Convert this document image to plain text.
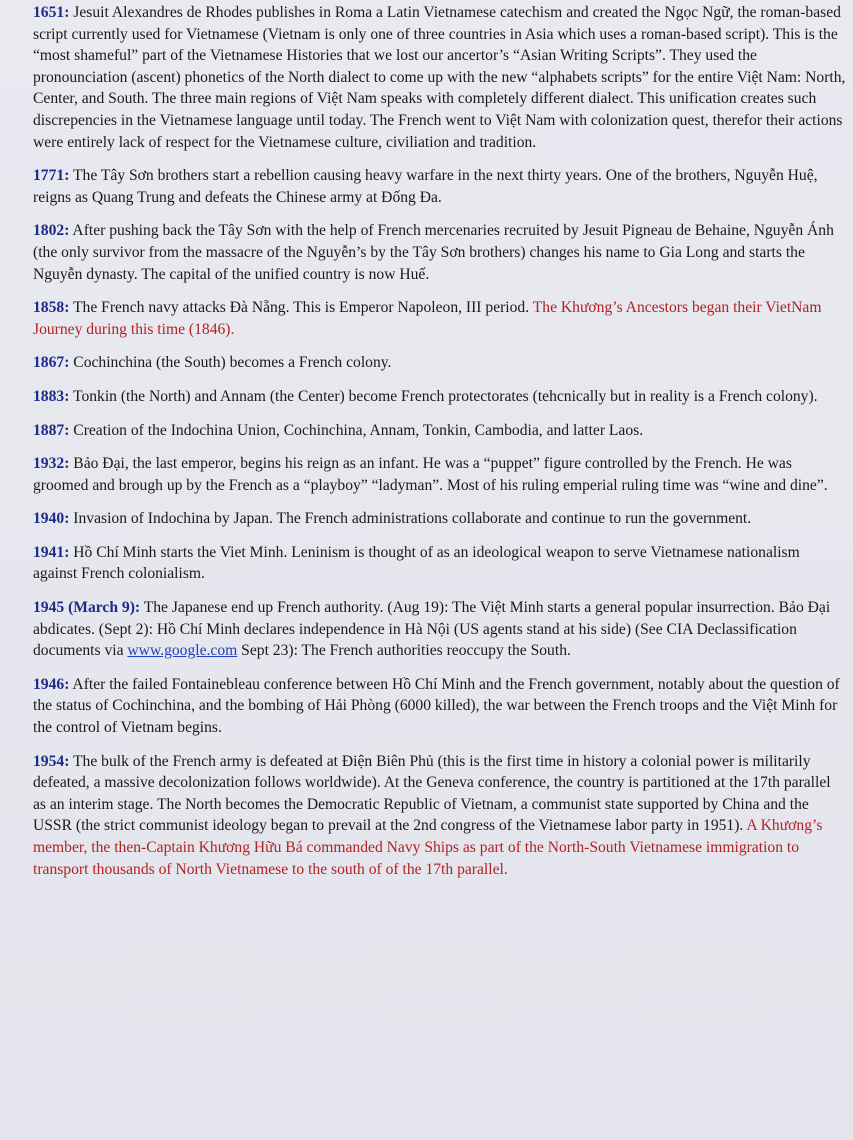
1651: Jesuit Alexandres de Rhodes publishes in Roma a Latin Vietnamese catechism and created the Ngọc Ngữ, the roman-based script currently used for Vietnamese (Vietnam is only one of three countries in Asia which uses a roman-based script). This is the “most shameful” part of the Vietnamese Histories that we lost our ancertor’s “Asian Writing Scripts”. They used the pronounciation (ascent) phonetics of the North dialect to come up with the new “alphabets scripts” for the entire Việt Nam: North, Center, and South. The three main regions of Việt Nam speaks with completely different dialect. This unification creates such discrepencies in the Vietnamese language until today. The French went to Việt Nam with colonization quest, therefor their actions were entirely lack of respect for the Vietnamese culture, civiliation and tradition.

1771: The Tây Sơn brothers start a rebellion causing heavy warfare in the next thirty years. One of the brothers, Nguyễn Huệ, reigns as Quang Trung and defeats the Chinese army at Đống Đa.

1802: After pushing back the Tây Sơn with the help of French mercenaries recruited by Jesuit Pigneau de Behaine, Nguyễn Ánh (the only survivor from the massacre of the Nguyễn’s by the Tây Sơn brothers) changes his name to Gia Long and starts the Nguyễn dynasty. The capital of the unified country is now Huế.

1858: The French navy attacks Đà Nẵng. This is Emperor Napoleon, III period. The Khương’s Ancestors began their VietNam Journey during this time (1846).

1867: Cochinchina (the South) becomes a French colony.

1883: Tonkin (the North) and Annam (the Center) become French protectorates (tehcnically but in reality is a French colony).

1887: Creation of the Indochina Union, Cochinchina, Annam, Tonkin, Cambodia, and latter Laos.

1932: Bảo Đại, the last emperor, begins his reign as an infant. He was a “puppet” figure controlled by the French. He was groomed and brough up by the French as a “playboy” “ladyman”. Most of his ruling emperial ruling time was “wine and dine”.

1940: Invasion of Indochina by Japan. The French administrations collaborate and continue to run the government.

1941: Hồ Chí Minh starts the Viet Minh. Leninism is thought of as an ideological weapon to serve Vietnamese nationalism against French colonialism.

1945 (March 9): The Japanese end up French authority. (Aug 19): The Việt Minh starts a general popular insurrection. Bảo Đại abdicates. (Sept 2): Hồ Chí Minh declares independence in Hà Nội (US agents stand at his side) (See CIA Declassification documents via www.google.com Sept 23): The French authorities reoccupy the South.

1946: After the failed Fontainebleau conference between Hồ Chí Minh and the French government, notably about the question of the status of Cochinchina, and the bombing of Hải Phòng (6000 killed), the war between the French troops and the Việt Minh for the control of Vietnam begins.

1954: The bulk of the French army is defeated at Điện Biên Phủ (this is the first time in history a colonial power is militarily defeated, a massive decolonization follows worldwide). At the Geneva conference, the country is partitioned at the 17th parallel as an interim stage. The North becomes the Democratic Republic of Vietnam, a communist state supported by China and the USSR (the strict communist ideology began to prevail at the 2nd congress of the Vietnamese labor party in 1951). A Khương’s member, the then-Captain Khương Hữu Bá commanded Navy Ships as part of the North-South Vietnamese immigration to transport thousands of North Vietnamese to the south of of the 17th parallel.
